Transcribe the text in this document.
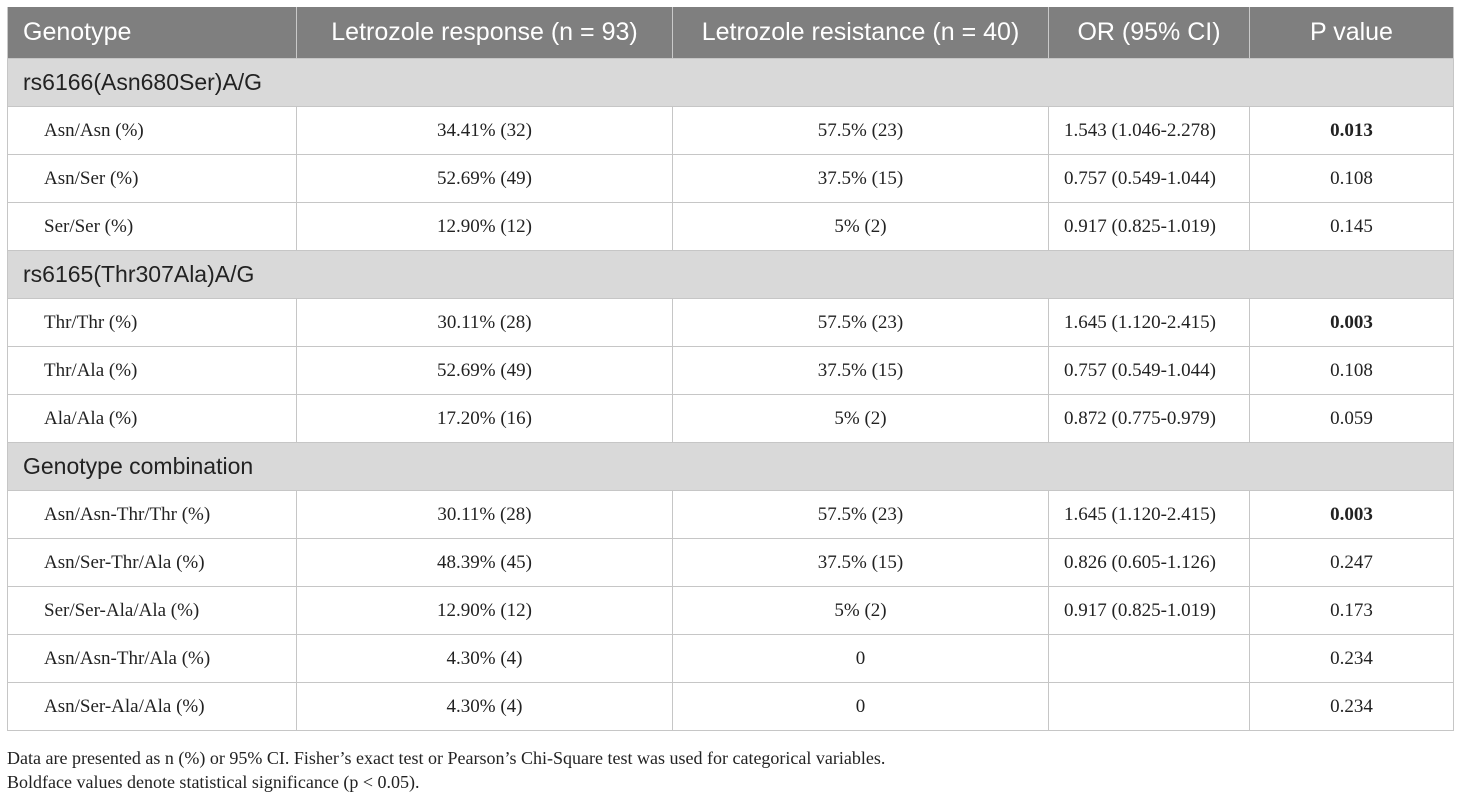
Genotype	Letrozole response (n = 93)	Letrozole resistance (n = 40)	OR (95% CI)	P value
rs6166(Asn680Ser)A/G				
Asn/Asn (%)	34.41% (32)	57.5% (23)	1.543 (1.046-2.278)	0.013
Asn/Ser (%)	52.69% (49)	37.5% (15)	0.757 (0.549-1.044)	0.108
Ser/Ser (%)	12.90% (12)	5% (2)	0.917 (0.825-1.019)	0.145
rs6165(Thr307Ala)A/G				
Thr/Thr (%)	30.11% (28)	57.5% (23)	1.645 (1.120-2.415)	0.003
Thr/Ala (%)	52.69% (49)	37.5% (15)	0.757 (0.549-1.044)	0.108
Ala/Ala (%)	17.20% (16)	5% (2)	0.872 (0.775-0.979)	0.059
Genotype combination				
Asn/Asn-Thr/Thr (%)	30.11% (28)	57.5% (23)	1.645 (1.120-2.415)	0.003
Asn/Ser-Thr/Ala (%)	48.39% (45)	37.5% (15)	0.826 (0.605-1.126)	0.247
Ser/Ser-Ala/Ala (%)	12.90% (12)	5% (2)	0.917 (0.825-1.019)	0.173
Asn/Asn-Thr/Ala (%)	4.30% (4)	0		0.234
Asn/Ser-Ala/Ala (%)	4.30% (4)	0		0.234
Data are presented as n (%) or 95% CI. Fisher’s exact test or Pearson’s Chi-Square test was used for categorical variables.
Boldface values denote statistical significance (p < 0.05).
